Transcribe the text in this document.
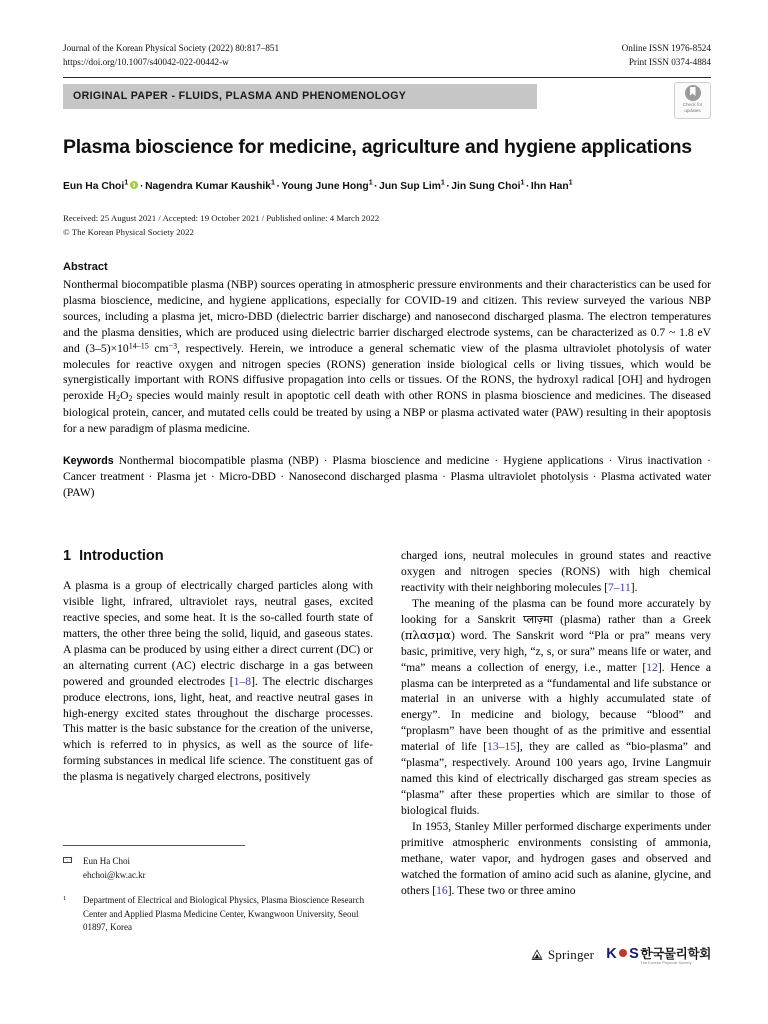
Journal of the Korean Physical Society (2022) 80:817–851
https://doi.org/10.1007/s40042-022-00442-w
Online ISSN 1976-8524
Print ISSN 0374-4884
ORIGINAL PAPER - FLUIDS, PLASMA AND PHENOMENOLOGY
Check for
updates
Plasma bioscience for medicine, agriculture and hygiene applications
Eun Ha Choi$^1$ · Nagendra Kumar Kaushik$^1$ · Young June Hong$^1$ · Jun Sup Lim$^1$ · Jin Sung Choi$^1$ · Ihn Han$^1$
Received: 25 August 2021 / Accepted: 19 October 2021 / Published online: 4 March 2022
© The Korean Physical Society 2022
Abstract
Nonthermal biocompatible plasma (NBP) sources operating in atmospheric pressure environments and their characteristics can be used for plasma bioscience, medicine, and hygiene applications, especially for COVID-19 and citizen. This review surveyed the various NBP sources, including a plasma jet, micro-DBD (dielectric barrier discharge) and nanosecond discharged plasma. The electron temperatures and the plasma densities, which are produced using dielectric barrier discharged electrode systems, can be characterized as 0.7 ~ 1.8 eV and $(3-5)\times 10^{14-15}$ $cm^{-3}$, respectively. Herein, we introduce a general schematic view of the plasma ultraviolet photolysis of water molecules for reactive oxygen and nitrogen species (RONS) generation inside biological cells or living tissues, which would be synergistically important with RONS diffusive propagation into cells or tissues. Of the RONS, the hydroxyl radical [OH] and hydrogen peroxide $H_2O_2$ species would mainly result in apoptotic cell death with other RONS in plasma bioscience and medicines. The diseased biological protein, cancer, and mutated cells could be treated by using a NBP or plasma activated water (PAW) resulting in their apoptosis for a new paradigm of plasma medicine.
Keywords Nonthermal biocompatible plasma (NBP) · Plasma bioscience and medicine · Hygiene applications · Virus inactivation · Cancer treatment · Plasma jet · Micro-DBD · Nanosecond discharged plasma · Plasma ultraviolet photolysis · Plasma activated water (PAW)
1 Introduction

A plasma is a group of electrically charged particles along with visible light, infrared, ultraviolet rays, neutral gases, excited reactive species, and some heat. It is the so-called fourth state of matters, the other three being the solid, liquid, and gaseous states. A plasma can be produced by using either a direct current (DC) or an alternating current (AC) electric discharge in a gas between powered and grounded electrodes [1–8]. The electric discharges produce electrons, ions, light, heat, and reactive neutral gases in high-energy excited states throughout the discharge processes. This matter is the basic substance for the creation of the universe, which is referred to in physics, as well as the source of life-forming substances in medical life science. The constituent gas of the plasma is negatively charged electrons, positively

charged ions, neutral molecules in ground states and reactive oxygen and nitrogen species (RONS) with high chemical reactivity with their neighboring molecules [7–11].

The meaning of the plasma can be found more accurately by looking for a Sanskrit प्लाज़्मा (plasma) rather than a Greek (πλασμα) word. The Sanskrit word “Pla or pra” means very basic, primitive, very high, “z, s, or sura” means life or water, and “ma” means a collection of energy, i.e., matter [12]. Hence a plasma can be interpreted as a “fundamental and life substance or material in an universe with a highly accumulated state of energy”. In medicine and biology, because “blood” and “proplasm” have been thought of as the primitive and essential material of life [13–15], they are called as “bio-plasma” and “plasma”, respectively. Around 100 years ago, Irvine Langmuir named this kind of electrically discharged gas stream species as “plasma” after these properties which are similar to those of biological fluids.

In 1953, Stanley Miller performed discharge experiments under primitive atmospheric environments consisting of ammonia, methane, water vapor, and hydrogen gases and observed and watched the formation of amino acid such as alanine, glycine, and others [16]. These two or three amino

Eun Ha Choi
ehchoi@kw.ac.kr
$^1$	Department of Electrical and Biological Physics, Plasma Bioscience Research Center and Applied Plasma Medicine Center, Kwangwoon University, Seoul 01897, Korea
Springer K S 한국물리학회
The Korean Physical Society
